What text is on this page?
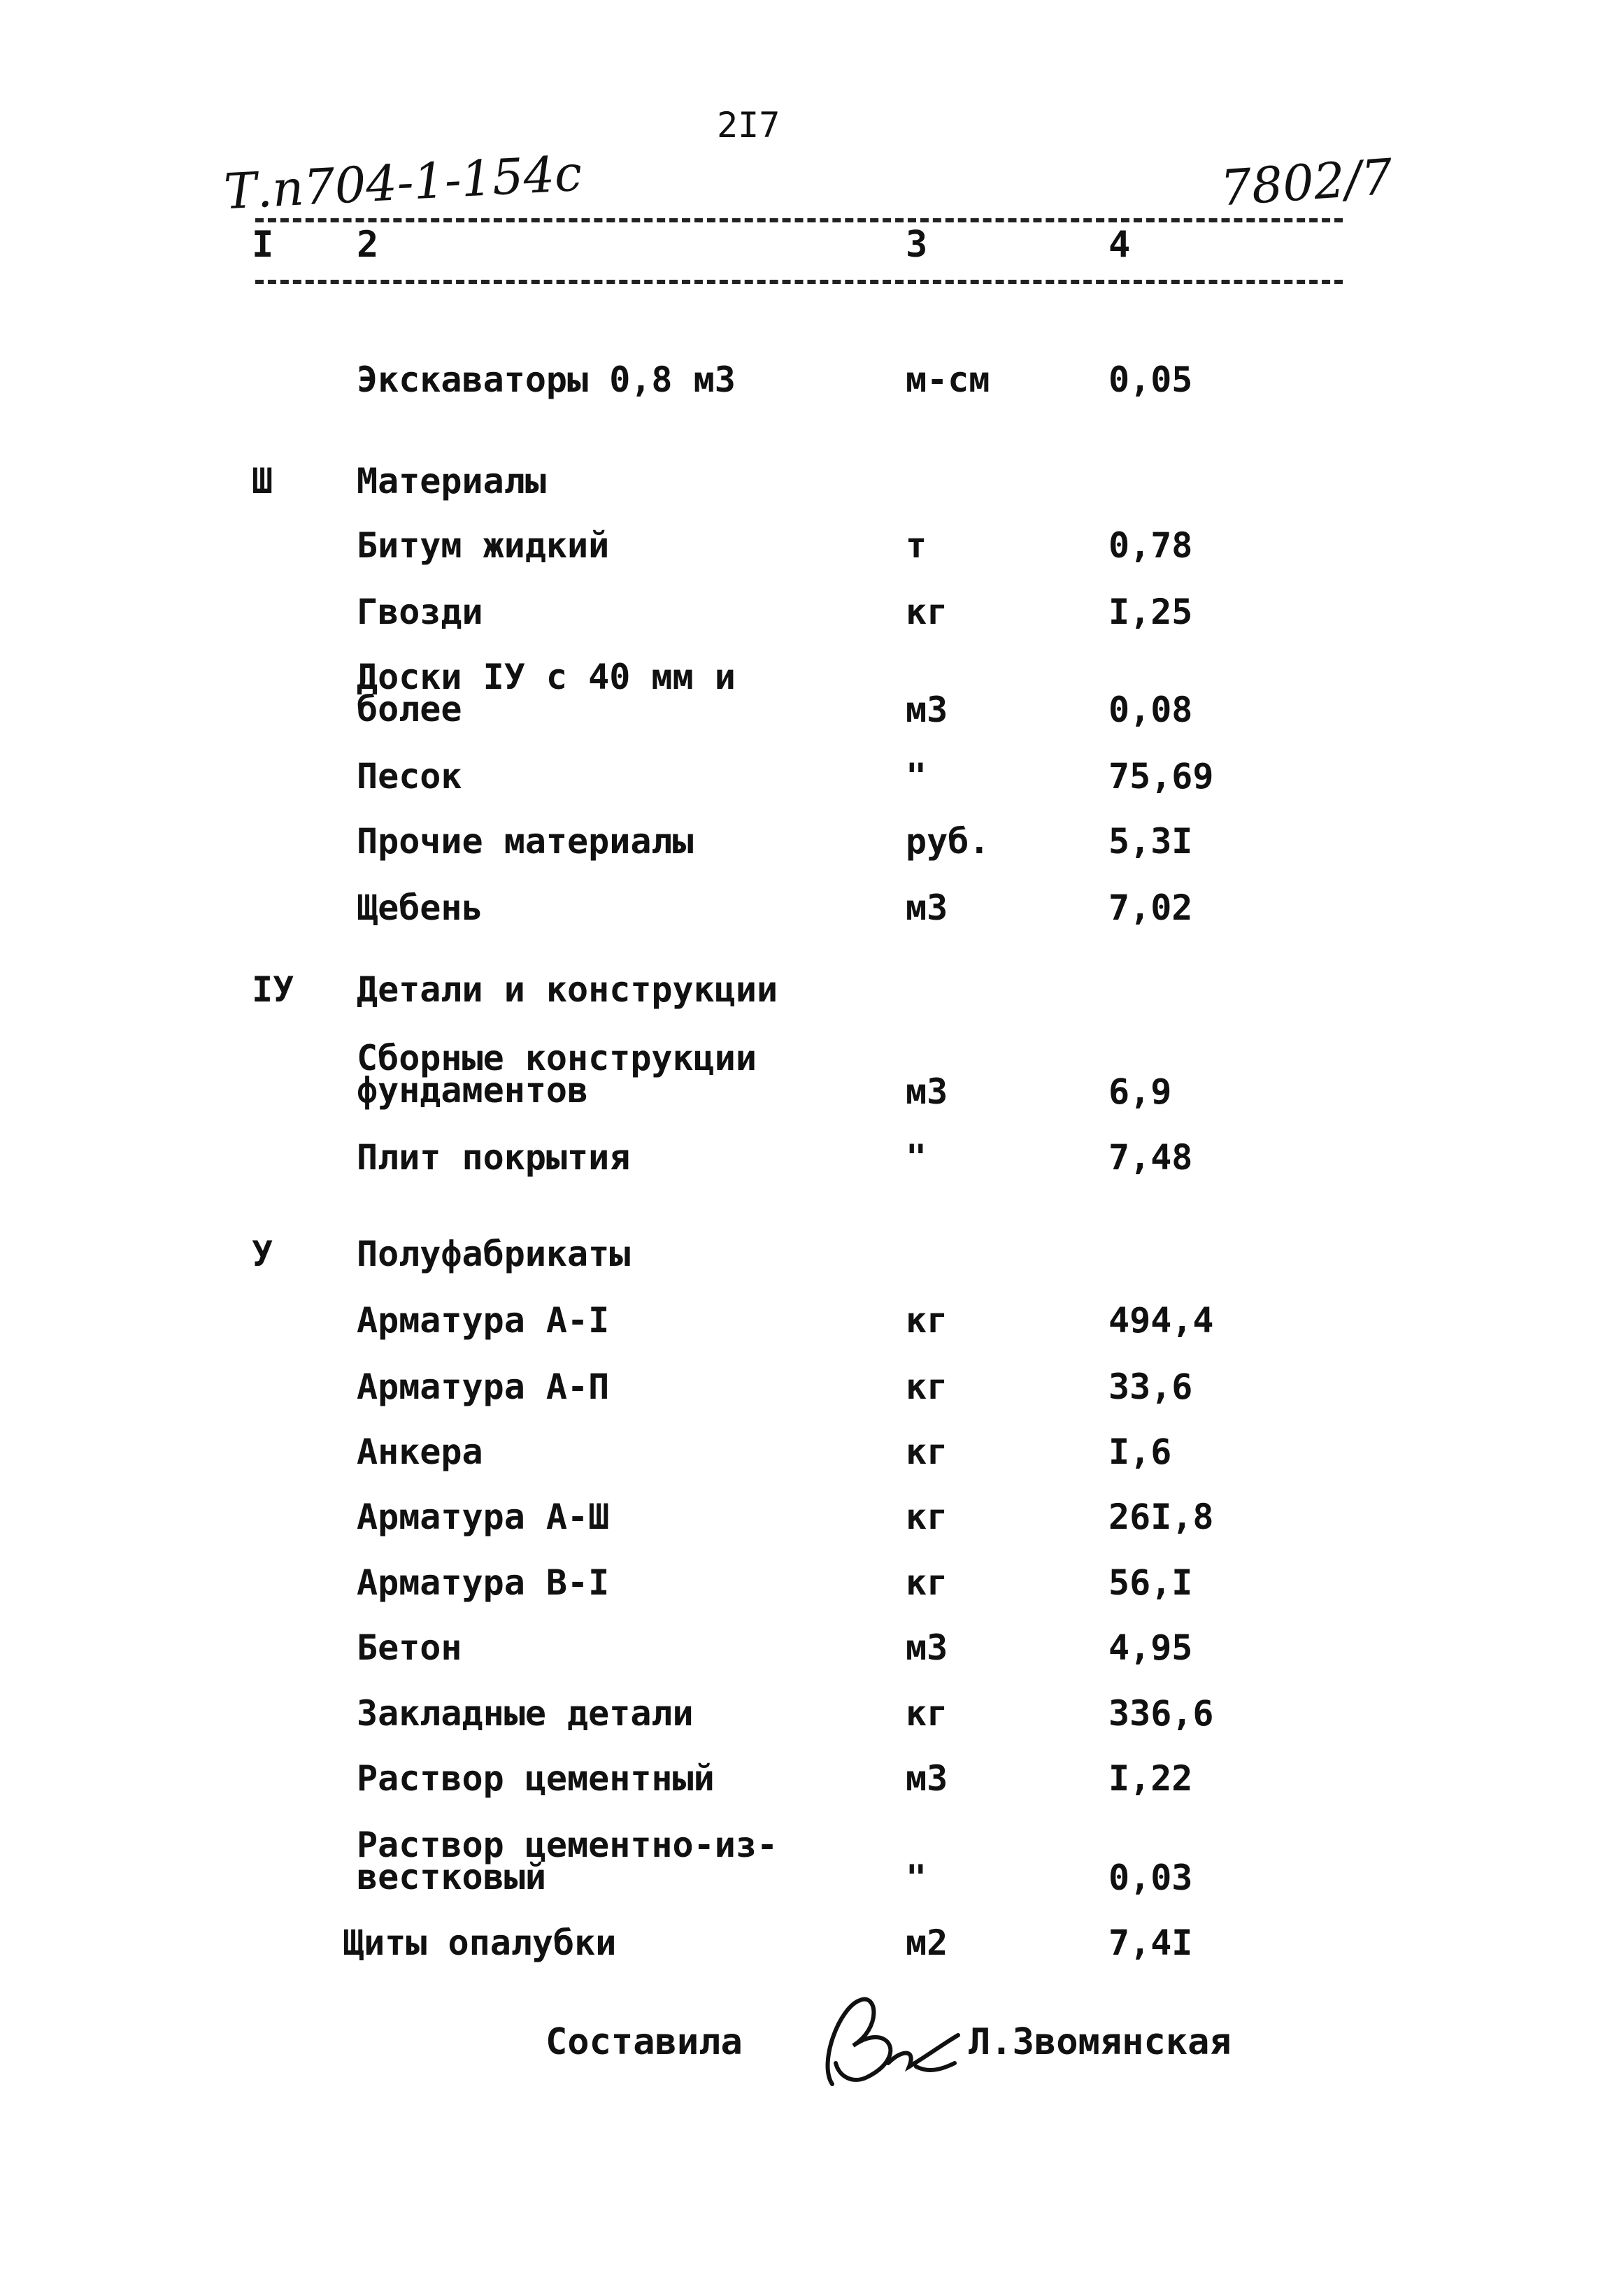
2I7
Т.п704-1-154с	7802/7
I 2	3	4
Экскаваторы 0,8 м3	м-см	0,05
Ш Материалы
Битум жидкий	т	0,78
Гвозди	кг	I,25
Доски IУ с 40 мм и
более	м3	0,08
Песок	"	75,69
Прочие материалы	руб.	5,3I
Щебень	м3	7,02
IУ Детали и конструкции
Сборные конструкции
фундаментов	м3	6,9
Плит покрытия	"	7,48
У Полуфабрикаты
Арматура А-I	кг	494,4
Арматура А-П	кг	33,6
Анкера	кг	I,6
Арматура А-Ш	кг	26I,8
Арматура В-I	кг	56,I
Бетон	м3	4,95
Закладные детали	кг	336,6
Раствор цементный	м3	I,22
Раствор цементно-из-
вестковый	"	0,03
Щиты опалубки	м2	7,4I
Составила	Л.Звомянская
